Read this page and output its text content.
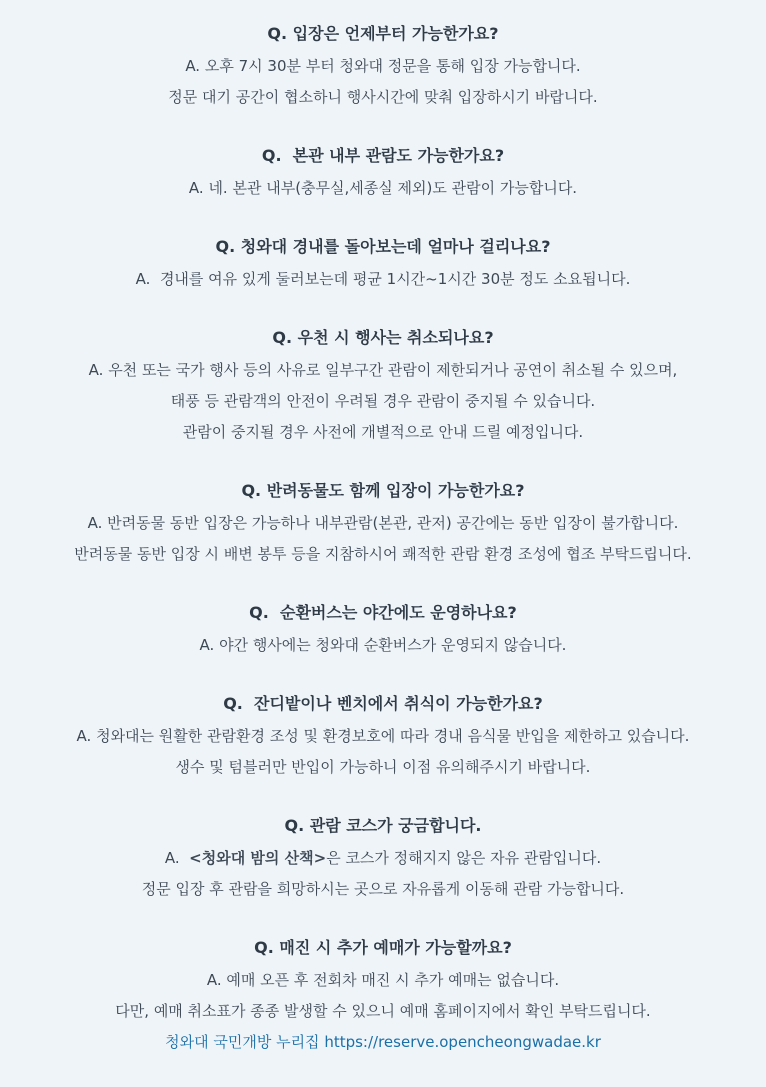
Q. 입장은 언제부터 가능한가요?

A. 오후 7시 30분 부터 청와대 정문을 통해 입장 가능합니다.

정문 대기 공간이 협소하니 행사시간에 맞춰 입장하시기 바랍니다.

Q.  본관 내부 관람도 가능한가요?

A. 네. 본관 내부(충무실,세종실 제외)도 관람이 가능합니다.

Q. 청와대 경내를 돌아보는데 얼마나 걸리나요?

A.  경내를 여유 있게 둘러보는데 평균 1시간~1시간 30분 정도 소요됩니다.

Q. 우천 시 행사는 취소되나요?

A. 우천 또는 국가 행사 등의 사유로 일부구간 관람이 제한되거나 공연이 취소될 수 있으며,

태풍 등 관람객의 안전이 우려될 경우 관람이 중지될 수 있습니다.

관람이 중지될 경우 사전에 개별적으로 안내 드릴 예정입니다.

Q. 반려동물도 함께 입장이 가능한가요?

A. 반려동물 동반 입장은 가능하나 내부관람(본관, 관저) 공간에는 동반 입장이 불가합니다.

반려동물 동반 입장 시 배변 봉투 등을 지참하시어 쾌적한 관람 환경 조성에 협조 부탁드립니다.

Q.  순환버스는 야간에도 운영하나요?

A. 야간 행사에는 청와대 순환버스가 운영되지 않습니다.

Q.  잔디밭이나 벤치에서 취식이 가능한가요?

A. 청와대는 원활한 관람환경 조성 및 환경보호에 따라 경내 음식물 반입을 제한하고 있습니다.

생수 및 텀블러만 반입이 가능하니 이점 유의해주시기 바랍니다.

Q. 관람 코스가 궁금합니다.

A.  <청와대 밤의 산책>은 코스가 정해지지 않은 자유 관람입니다.

정문 입장 후 관람을 희망하시는 곳으로 자유롭게 이동해 관람 가능합니다.

Q. 매진 시 추가 예매가 가능할까요?

A. 예매 오픈 후 전회차 매진 시 추가 예매는 없습니다.

다만, 예매 취소표가 종종 발생할 수 있으니 예매 홈페이지에서 확인 부탁드립니다.

청와대 국민개방 누리집 https://reserve.opencheongwadae.kr
